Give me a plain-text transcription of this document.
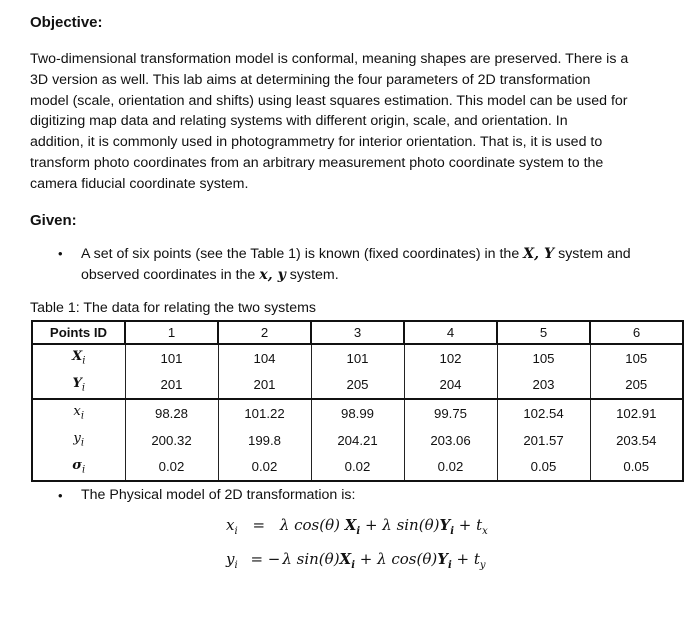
Objective:
Two-dimensional transformation model is conformal, meaning shapes are preserved. There is a
3D version as well. This lab aims at determining the four parameters of 2D transformation
model (scale, orientation and shifts) using least squares estimation. This model can be used for
digitizing map data and relating systems with different origin, scale, and orientation. In
addition, it is commonly used in photogrammetry for interior orientation. That is, it is used to
transform photo coordinates from an arbitrary measurement photo coordinate system to the
camera fiducial coordinate system.
Given:
• A set of six points (see the Table 1) is known (fixed coordinates) in the X, Y system and
observed coordinates in the x, y system.
Table 1: The data for relating the two systems
Points ID	1	2	3	4	5	6
$X_i$	101	104	101	102	105	105
$Y_i$	201	201	205	204	203	205
$x_i$	98.28	101.22	98.99	99.75	102.54	102.91
$y_i$	200.32	199.8	204.21	203.06	201.57	203.54
$\sigma_i$	0.02	0.02	0.02	0.02	0.05	0.05
• The Physical model of 2D transformation is:
$x_i = \lambda$ cos(θ) $X_i + \lambda$ $\sin(\theta)Y_i + t_x$
$y_i$ = − λ $\sin(\theta)X_i + \lambda$ $\cos(\theta)Y_i + t_y$
